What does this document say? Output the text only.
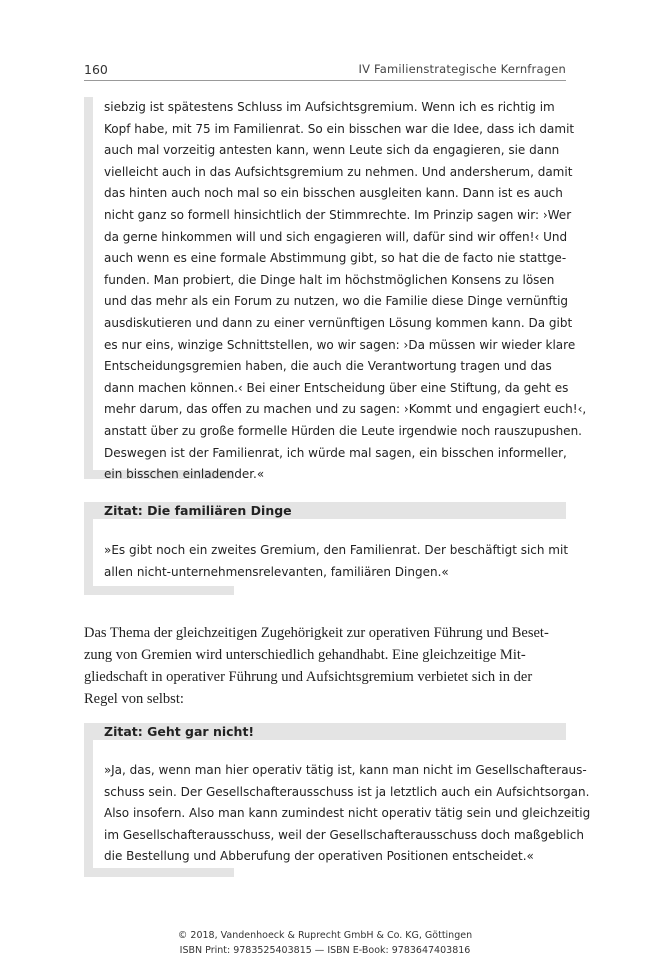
160	IV Familienstrategische Kernfragen
siebzig ist spätestens Schluss im Aufsichtsgremium. Wenn ich es richtig im
Kopf habe, mit 75 im Familienrat. So ein bisschen war die Idee, dass ich damit
auch mal vorzeitig antesten kann, wenn Leute sich da engagieren, sie dann
vielleicht auch in das Aufsichtsgremium zu nehmen. Und andersherum, damit
das hinten auch noch mal so ein bisschen ausgleiten kann. Dann ist es auch
nicht ganz so formell hinsichtlich der Stimmrechte. Im Prinzip sagen wir: ›Wer
da gerne hinkommen will und sich engagieren will, dafür sind wir offen!‹ Und
auch wenn es eine formale Abstimmung gibt, so hat die de facto nie stattge-
funden. Man probiert, die Dinge halt im höchstmöglichen Konsens zu lösen
und das mehr als ein Forum zu nutzen, wo die Familie diese Dinge vernünftig
ausdiskutieren und dann zu einer vernünftigen Lösung kommen kann. Da gibt
es nur eins, winzige Schnittstellen, wo wir sagen: ›Da müssen wir wieder klare
Entscheidungsgremien haben, die auch die Verantwortung tragen und das
dann machen können.‹ Bei einer Entscheidung über eine Stiftung, da geht es
mehr darum, das offen zu machen und zu sagen: ›Kommt und engagiert euch!‹,
anstatt über zu große formelle Hürden die Leute irgendwie noch rauszupushen.
Deswegen ist der Familienrat, ich würde mal sagen, ein bisschen informeller,
ein bisschen einladender.«
Zitat: Die familiären Dinge
»Es gibt noch ein zweites Gremium, den Familienrat. Der beschäftigt sich mit
allen nicht-unternehmensrelevanten, familiären Dingen.«
Das Thema der gleichzeitigen Zugehörigkeit zur operativen Führung und Beset-
zung von Gremien wird unterschiedlich gehandhabt. Eine gleichzeitige Mit-
gliedschaft in operativer Führung und Aufsichtsgremium verbietet sich in der
Regel von selbst:
Zitat: Geht gar nicht!
»Ja, das, wenn man hier operativ tätig ist, kann man nicht im Gesellschafteraus-
schuss sein. Der Gesellschafterausschuss ist ja letztlich auch ein Aufsichtsorgan.
Also insofern. Also man kann zumindest nicht operativ tätig sein und gleichzeitig
im Gesellschafterausschuss, weil der Gesellschafterausschuss doch maßgeblich
die Bestellung und Abberufung der operativen Positionen entscheidet.«
© 2018, Vandenhoeck & Ruprecht GmbH & Co. KG, Göttingen
ISBN Print: 9783525403815 — ISBN E-Book: 9783647403816
